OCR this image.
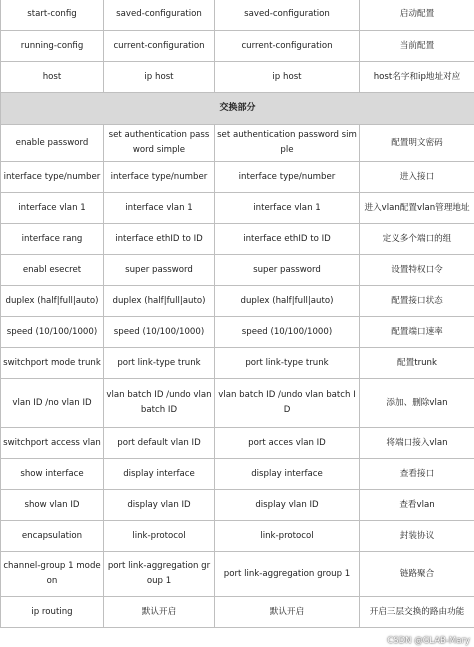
start-config	saved-configuration	saved-configuration	启动配置
running-config	current-configuration	current-configuration	当前配置
host	ip host	ip host	host名字和ip地址对应
交换部分			
enable password	set authentication password simple	set authentication password simple	配置明文密码
interface type/number	interface type/number	interface type/number	进入接口
interface vlan 1	interface vlan 1	interface vlan 1	进入vlan配置vlan管理地址
interface rang	interface ethID to ID	interface ethID to ID	定义多个端口的组
enabl esecret	super password	super password	设置特权口令
duplex (half|full|auto)	duplex (half|full|auto)	duplex (half|full|auto)	配置接口状态
speed (10/100/1000)	speed (10/100/1000)	speed (10/100/1000)	配置端口速率
switchport mode trunk	port link-type trunk	port link-type trunk	配置trunk
vlan ID /no vlan ID	vlan batch ID /undo vlan batch ID	vlan batch ID /undo vlan batch ID	添加、删除vlan
switchport access vlan	port default vlan ID	port acces vlan ID	将端口接入vlan
show interface	display interface	display interface	查看接口
show vlan ID	display vlan ID	display vlan ID	查看vlan
encapsulation	link-protocol	link-protocol	封装协议
channel-group 1 mode on	port link-aggregation group 1	port link-aggregation group 1	链路聚合
ip routing	默认开启	默认开启	开启三层交换的路由功能
CSDN @GLAB-Mary
